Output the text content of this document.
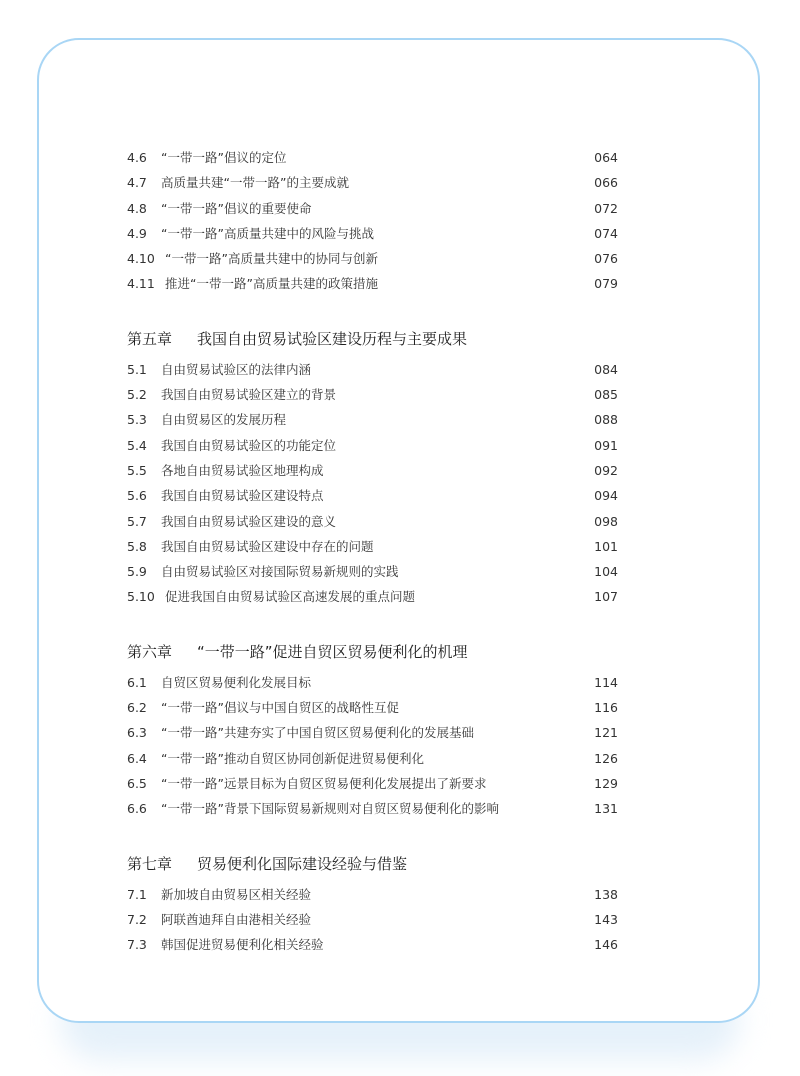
4.6	“一带一路”倡议的定位	064
4.7	高质量共建“一带一路”的主要成就	066
4.8	“一带一路”倡议的重要使命	072
4.9	“一带一路”高质量共建中的风险与挑战	074
4.10 “一带一路”高质量共建中的协同与创新	076
4.11 推进“一带一路”高质量共建的政策措施	079
第五章	我国自由贸易试验区建设历程与主要成果
5.1	自由贸易试验区的法律内涵	084
5.2	我国自由贸易试验区建立的背景	085
5.3	自由贸易区的发展历程	088
5.4	我国自由贸易试验区的功能定位	091
5.5	各地自由贸易试验区地理构成	092
5.6	我国自由贸易试验区建设特点	094
5.7	我国自由贸易试验区建设的意义	098
5.8	我国自由贸易试验区建设中存在的问题	101
5.9	自由贸易试验区对接国际贸易新规则的实践	104
5.10 促进我国自由贸易试验区高速发展的重点问题	107
第六章	“一带一路”促进自贸区贸易便利化的机理
6.1	自贸区贸易便利化发展目标	114
6.2	“一带一路”倡议与中国自贸区的战略性互促	116
6.3	“一带一路”共建夯实了中国自贸区贸易便利化的发展基础	121
6.4	“一带一路”推动自贸区协同创新促进贸易便利化	126
6.5	“一带一路”远景目标为自贸区贸易便利化发展提出了新要求	129
6.6	“一带一路”背景下国际贸易新规则对自贸区贸易便利化的影响	131
第七章	贸易便利化国际建设经验与借鉴
7.1	新加坡自由贸易区相关经验	138
7.2	阿联酋迪拜自由港相关经验	143
7.3	韩国促进贸易便利化相关经验	146
